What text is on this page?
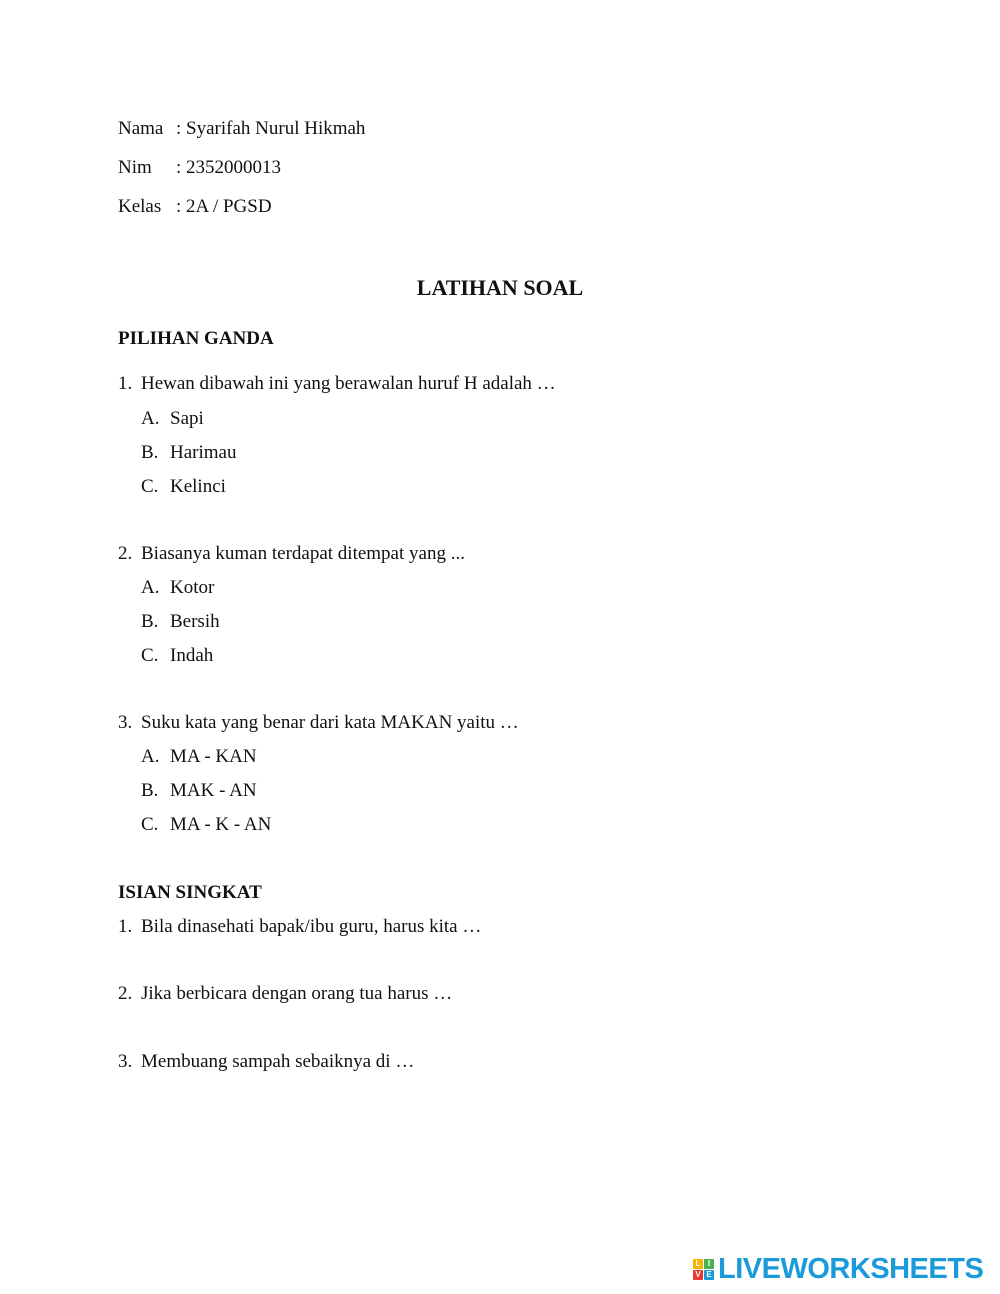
Nama : Syarifah Nurul Hikmah
Nim : 2352000013
Kelas : 2A / PGSD
LATIHAN SOAL
PILIHAN GANDA
1. Hewan dibawah ini yang berawalan huruf H adalah …
A. Sapi
B. Harimau
C. Kelinci
2. Biasanya kuman terdapat ditempat yang ...
A. Kotor
B. Bersih
C. Indah
3. Suku kata yang benar dari kata MAKAN yaitu …
A. MA - KAN
B. MAK - AN
C. MA - K - AN
ISIAN SINGKAT
1. Bila dinasehati bapak/ibu guru, harus kita …
2. Jika berbicara dengan orang tua harus …
3. Membuang sampah sebaiknya di …
L I
V E LIVEWORKSHEETS
